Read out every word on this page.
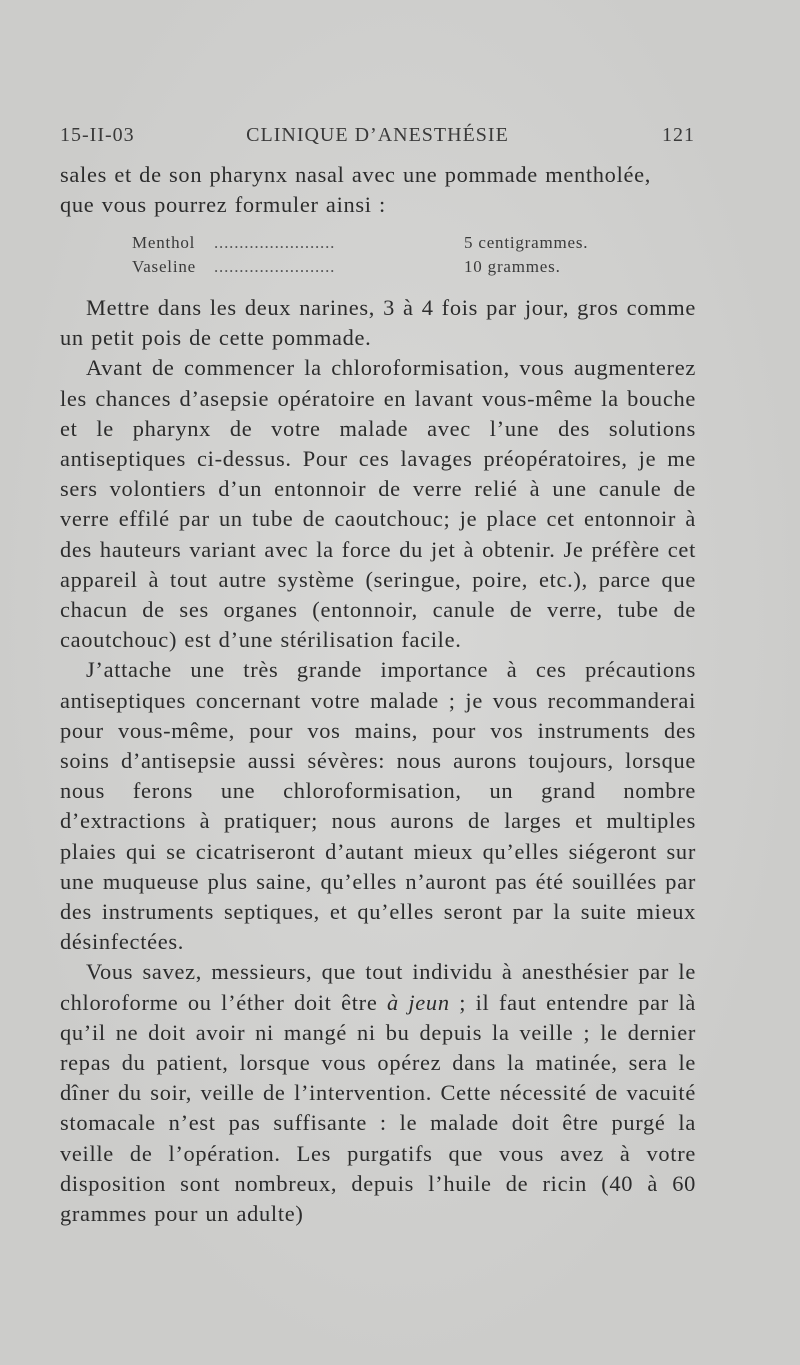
15-II-03	CLINIQUE D’ANESTHÉSIE	121

sales et de son pharynx nasal avec une pommade mentholée,

que vous pourrez formuler ainsi :

Menthol ........................	5 centigrammes.
Vaseline ........................	10 grammes.

Mettre dans les deux narines, 3 à 4 fois par jour, gros comme un petit pois de cette pommade.

Avant de commencer la chloroformisation, vous augmenterez les chances d’asepsie opératoire en lavant vous-même la bouche et le pharynx de votre malade avec l’une des solutions antiseptiques ci-dessus. Pour ces lavages préopératoires, je me sers volontiers d’un entonnoir de verre relié à une canule de verre effilé par un tube de caoutchouc; je place cet entonnoir à des hauteurs variant avec la force du jet à obtenir. Je préfère cet appareil à tout autre système (seringue, poire, etc.), parce que chacun de ses organes (entonnoir, canule de verre, tube de caoutchouc) est d’une stérilisation facile.

J’attache une très grande importance à ces précautions antiseptiques concernant votre malade ; je vous recommanderai pour vous-même, pour vos mains, pour vos instruments des soins d’antisepsie aussi sévères: nous aurons toujours, lorsque nous ferons une chloroformisation, un grand nombre d’extractions à pratiquer; nous aurons de larges et multiples plaies qui se cicatriseront d’autant mieux qu’elles siégeront sur une muqueuse plus saine, qu’elles n’auront pas été souillées par des instruments septiques, et qu’elles seront par la suite mieux désinfectées.

Vous savez, messieurs, que tout individu à anesthésier par le chloroforme ou l’éther doit être à jeun ; il faut entendre par là qu’il ne doit avoir ni mangé ni bu depuis la veille ; le dernier repas du patient, lorsque vous opérez dans la matinée, sera le dîner du soir, veille de l’intervention. Cette nécessité de vacuité stomacale n’est pas suffisante : le malade doit être purgé la veille de l’opération. Les purgatifs que vous avez à votre disposition sont nombreux, depuis l’huile de ricin (40 à 60 grammes pour un adulte)
